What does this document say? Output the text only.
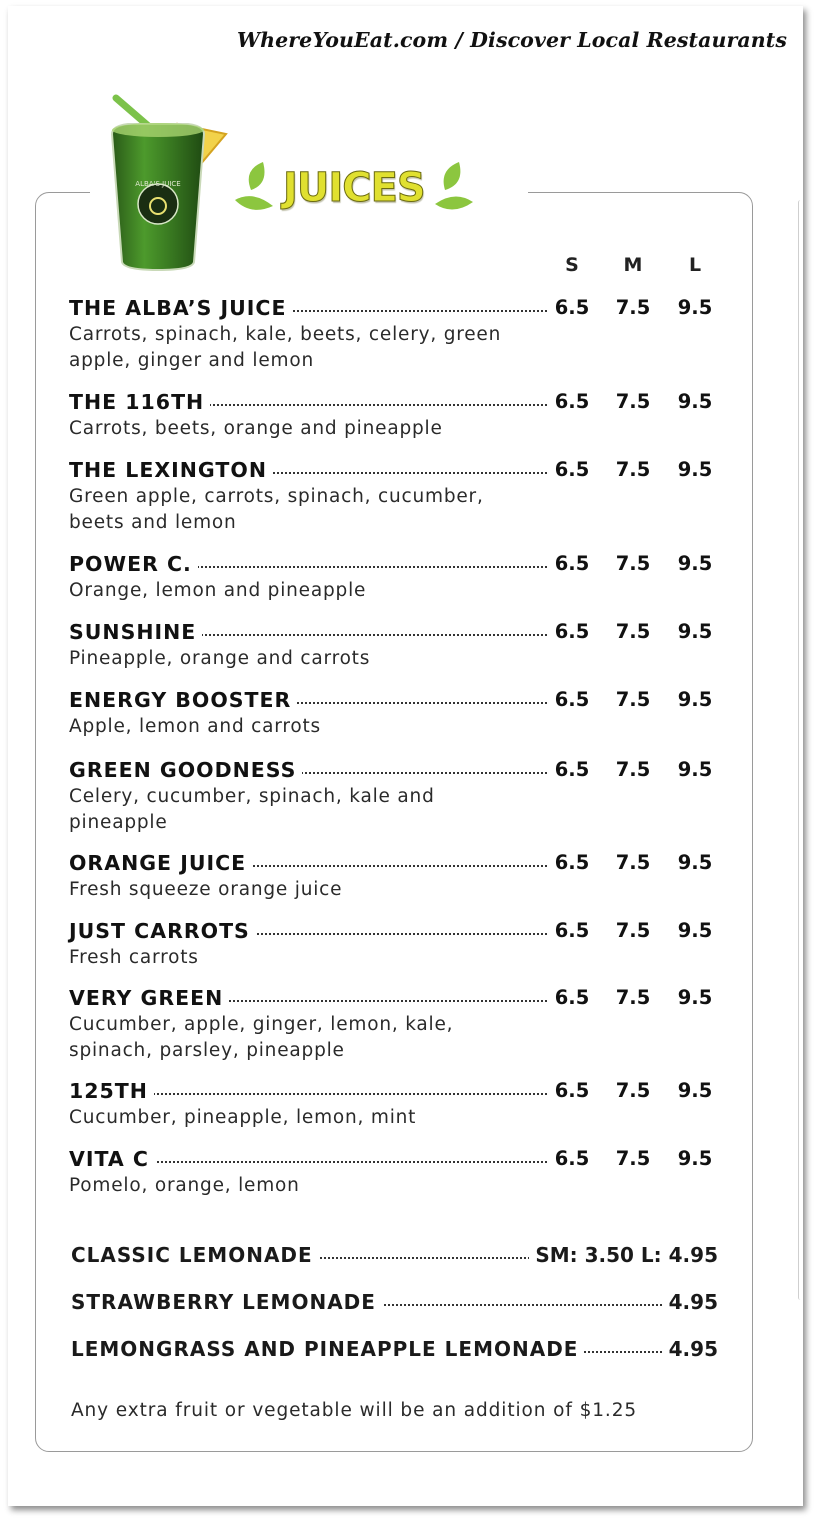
WhereYouEat.com / Discover Local Restaurants
ALBA'S JUICE	JUICES
S	M	L
THE ALBA’S JUICE	6.5	7.5	9.5
Carrots, spinach, kale, beets, celery, green apple, ginger and lemon
THE 116TH	6.5	7.5	9.5
Carrots, beets, orange and pineapple
THE LEXINGTON	6.5	7.5	9.5
Green apple, carrots, spinach, cucumber, beets and lemon
POWER C.	6.5	7.5	9.5
Orange, lemon and pineapple
SUNSHINE	6.5	7.5	9.5
Pineapple, orange and carrots
ENERGY BOOSTER	6.5	7.5	9.5
Apple, lemon and carrots
GREEN GOODNESS	6.5	7.5	9.5
Celery, cucumber, spinach, kale and pineapple
ORANGE JUICE	6.5	7.5	9.5
Fresh squeeze orange juice
JUST CARROTS	6.5	7.5	9.5
Fresh carrots
VERY GREEN	6.5	7.5	9.5
Cucumber, apple, ginger, lemon, kale, spinach, parsley, pineapple
125TH	6.5	7.5	9.5
Cucumber, pineapple, lemon, mint
VITA C	6.5	7.5	9.5
Pomelo, orange, lemon
CLASSIC LEMONADE	SM: 3.50 L: 4.95
STRAWBERRY LEMONADE	4.95
LEMONGRASS AND PINEAPPLE LEMONADE	4.95
Any extra fruit or vegetable will be an addition of $1.25
